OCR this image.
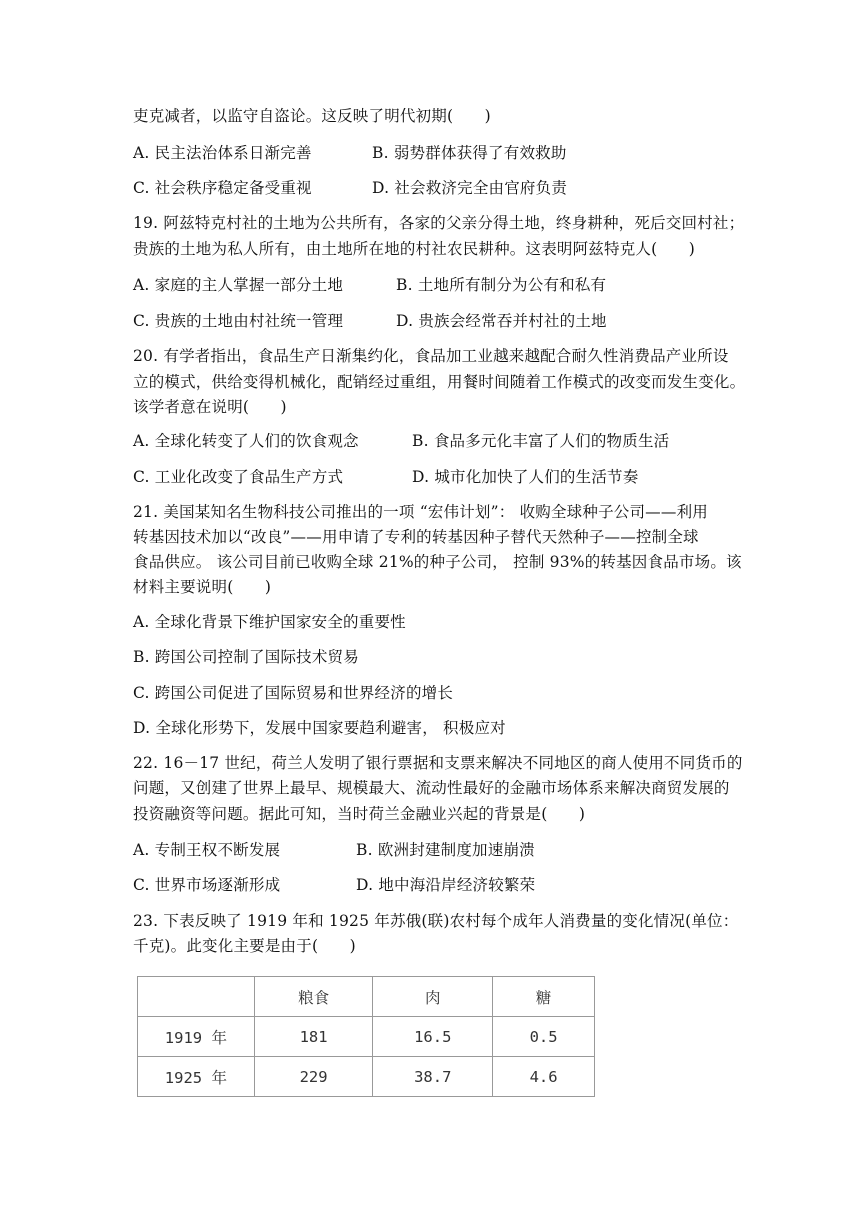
吏克减者，以监守自盗论。这反映了明代初期(　　)
A. 民主法治体系日渐完善	B. 弱势群体获得了有效救助
C. 社会秩序稳定备受重视	D. 社会救济完全由官府负责
19. 阿兹特克村社的土地为公共所有，各家的父亲分得土地，终身耕种，死后交回村社；
贵族的土地为私人所有，由土地所在地的村社农民耕种。这表明阿兹特克人(　　)
A. 家庭的主人掌握一部分土地	B. 土地所有制分为公有和私有
C. 贵族的土地由村社统一管理	D. 贵族会经常吞并村社的土地
20. 有学者指出，食品生产日渐集约化，食品加工业越来越配合耐久性消费品产业所设
立的模式，供给变得机械化，配销经过重组，用餐时间随着工作模式的改变而发生变化。
该学者意在说明(　　)
A. 全球化转变了人们的饮食观念	B. 食品多元化丰富了人们的物质生活
C. 工业化改变了食品生产方式	D. 城市化加快了人们的生活节奏
21. 美国某知名生物科技公司推出的一项 “宏伟计划”： 收购全球种子公司——利用
转基因技术加以“改良”——用申请了专利的转基因种子替代天然种子——控制全球
食品供应。 该公司目前已收购全球 21%的种子公司， 控制 93%的转基因食品市场。该
材料主要说明(　　)
A. 全球化背景下维护国家安全的重要性
B. 跨国公司控制了国际技术贸易
C. 跨国公司促进了国际贸易和世界经济的增长
D. 全球化形势下，发展中国家要趋利避害， 积极应对
22. 16－17 世纪，荷兰人发明了银行票据和支票来解决不同地区的商人使用不同货币的
问题，又创建了世界上最早、规模最大、流动性最好的金融市场体系来解决商贸发展的
投资融资等问题。据此可知，当时荷兰金融业兴起的背景是(　　)
A. 专制王权不断发展	B. 欧洲封建制度加速崩溃
C. 世界市场逐渐形成	D. 地中海沿岸经济较繁荣
23. 下表反映了 1919 年和 1925 年苏俄(联)农村每个成年人消费量的变化情况(单位：
千克)。此变化主要是由于(　　)
	粮食	肉	糖
1919 年	181	16.5	0.5
1925 年	229	38.7	4.6
